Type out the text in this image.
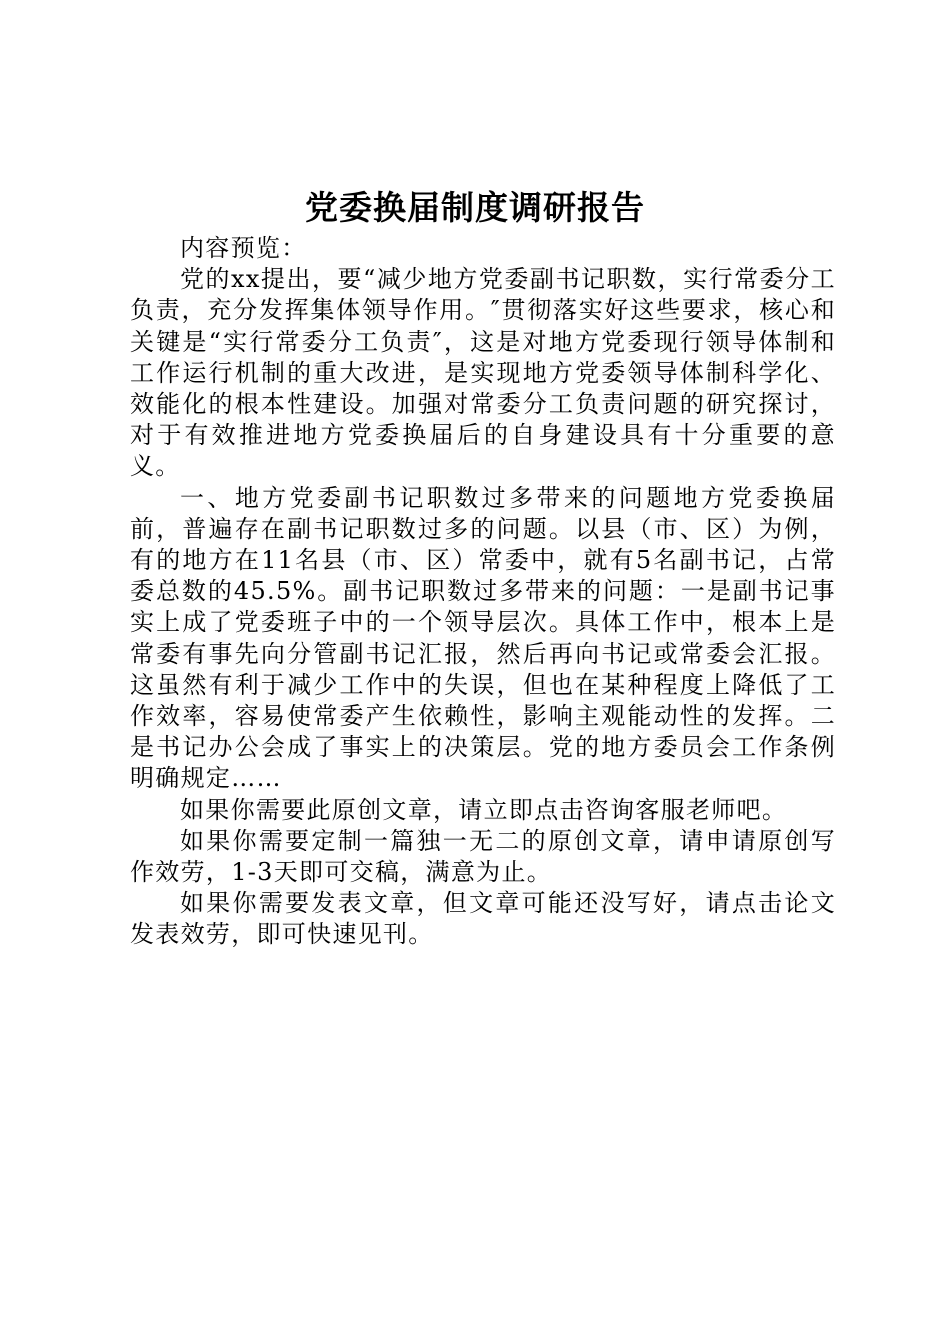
党委换届制度调研报告

内容预览：

党的xx提出，要“减少地方党委副书记职数，实行常委分工负责，充分发挥集体领导作用。″贯彻落实好这些要求，核心和关键是“实行常委分工负责″，这是对地方党委现行领导体制和工作运行机制的重大改进，是实现地方党委领导体制科学化、效能化的根本性建设。加强对常委分工负责问题的研究探讨，对于有效推进地方党委换届后的自身建设具有十分重要的意义。

一、地方党委副书记职数过多带来的问题地方党委换届前，普遍存在副书记职数过多的问题。以县（市、区）为例，有的地方在11名县（市、区）常委中，就有5名副书记，占常委总数的45.5%。副书记职数过多带来的问题：一是副书记事实上成了党委班子中的一个领导层次。具体工作中，根本上是常委有事先向分管副书记汇报，然后再向书记或常委会汇报。这虽然有利于减少工作中的失误，但也在某种程度上降低了工作效率，容易使常委产生依赖性，影响主观能动性的发挥。二是书记办公会成了事实上的决策层。党的地方委员会工作条例明确规定……

如果你需要此原创文章，请立即点击咨询客服老师吧。

如果你需要定制一篇独一无二的原创文章，请申请原创写作效劳，1-3天即可交稿，满意为止。

如果你需要发表文章，但文章可能还没写好，请点击论文发表效劳，即可快速见刊。
